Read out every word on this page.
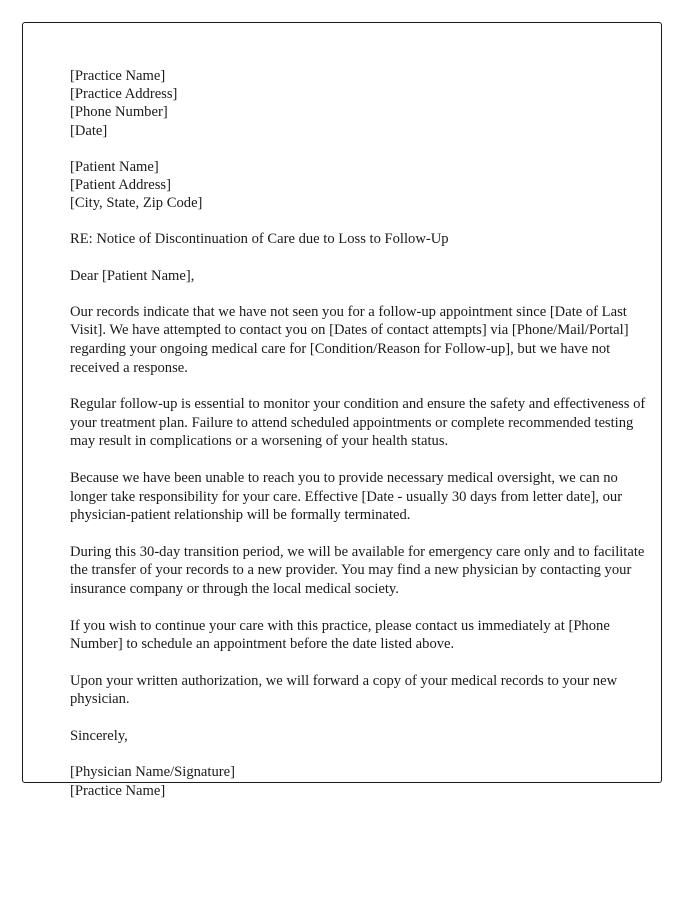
[Practice Name]
[Practice Address]
[Phone Number]
[Date]
[Patient Name]
[Patient Address]
[City, State, Zip Code]
RE: Notice of Discontinuation of Care due to Loss to Follow-Up
Dear [Patient Name],

Our records indicate that we have not seen you for a follow-up appointment since [Date of Last Visit]. We have attempted to contact you on [Dates of contact attempts] via [Phone/Mail/Portal] regarding your ongoing medical care for [Condition/Reason for Follow-up], but we have not received a response.

Regular follow-up is essential to monitor your condition and ensure the safety and effectiveness of your treatment plan. Failure to attend scheduled appointments or complete recommended testing may result in complications or a worsening of your health status.

Because we have been unable to reach you to provide necessary medical oversight, we can no longer take responsibility for your care. Effective [Date - usually 30 days from letter date], our physician-patient relationship will be formally terminated.

During this 30-day transition period, we will be available for emergency care only and to facilitate the transfer of your records to a new provider. You may find a new physician by contacting your insurance company or through the local medical society.

If you wish to continue your care with this practice, please contact us immediately at [Phone Number] to schedule an appointment before the date listed above.

Upon your written authorization, we will forward a copy of your medical records to your new physician.

Sincerely,
[Physician Name/Signature]
[Practice Name]
